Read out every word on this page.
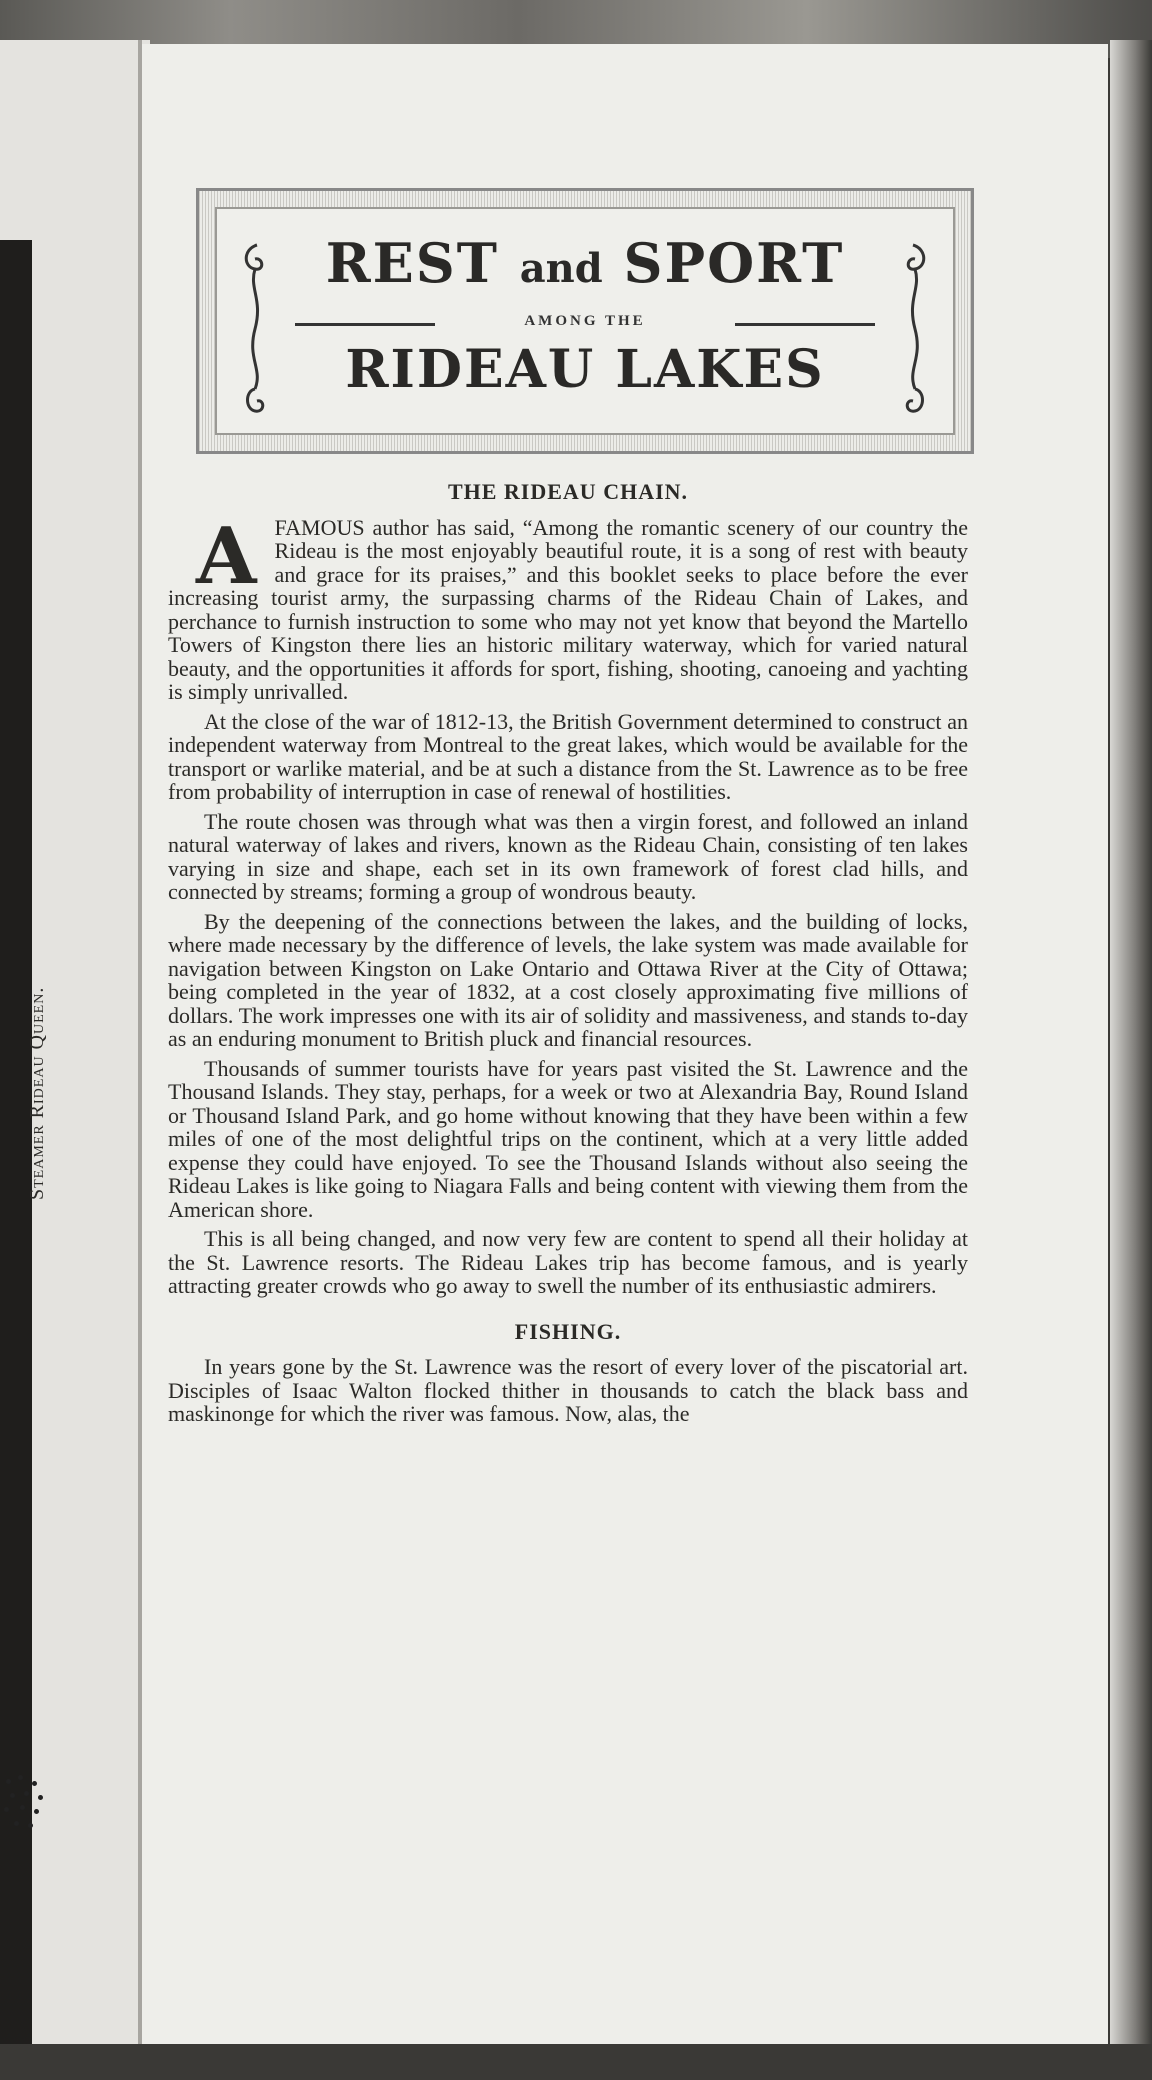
Steamer Rideau Queen.
REST and SPORT
AMONG THE
RIDEAU LAKES
THE RIDEAU CHAIN.
A FAMOUS author has said, “Among the romantic scenery of our country the Rideau is the most enjoyably beautiful route, it is a song of rest with beauty and grace for its praises,” and this booklet seeks to place before the ever increasing tourist army, the surpassing charms of the Rideau Chain of Lakes, and perchance to furnish instruction to some who may not yet know that beyond the Martello Towers of Kingston there lies an historic military waterway, which for varied natural beauty, and the opportunities it affords for sport, fishing, shooting, canoeing and yachting is simply unrivalled.

At the close of the war of 1812-13, the British Government determined to construct an independent waterway from Montreal to the great lakes, which would be available for the transport or warlike material, and be at such a distance from the St. Lawrence as to be free from probability of interruption in case of renewal of hostilities.

The route chosen was through what was then a virgin forest, and followed an inland natural waterway of lakes and rivers, known as the Rideau Chain, consisting of ten lakes varying in size and shape, each set in its own framework of forest clad hills, and connected by streams; forming a group of wondrous beauty.

By the deepening of the connections between the lakes, and the building of locks, where made necessary by the difference of levels, the lake system was made available for navigation between Kingston on Lake Ontario and Ottawa River at the City of Ottawa; being completed in the year of 1832, at a cost closely approximating five millions of dollars. The work impresses one with its air of solidity and massiveness, and stands to-day as an enduring monument to British pluck and financial resources.

Thousands of summer tourists have for years past visited the St. Lawrence and the Thousand Islands. They stay, perhaps, for a week or two at Alexandria Bay, Round Island or Thousand Island Park, and go home without knowing that they have been within a few miles of one of the most delightful trips on the continent, which at a very little added expense they could have enjoyed. To see the Thousand Islands without also seeing the Rideau Lakes is like going to Niagara Falls and being content with viewing them from the American shore.

This is all being changed, and now very few are content to spend all their holiday at the St. Lawrence resorts. The Rideau Lakes trip has become famous, and is yearly attracting greater crowds who go away to swell the number of its enthusiastic admirers.

FISHING.

In years gone by the St. Lawrence was the resort of every lover of the piscatorial art. Disciples of Isaac Walton flocked thither in thousands to catch the black bass and maskinonge for which the river was famous. Now, alas, the
